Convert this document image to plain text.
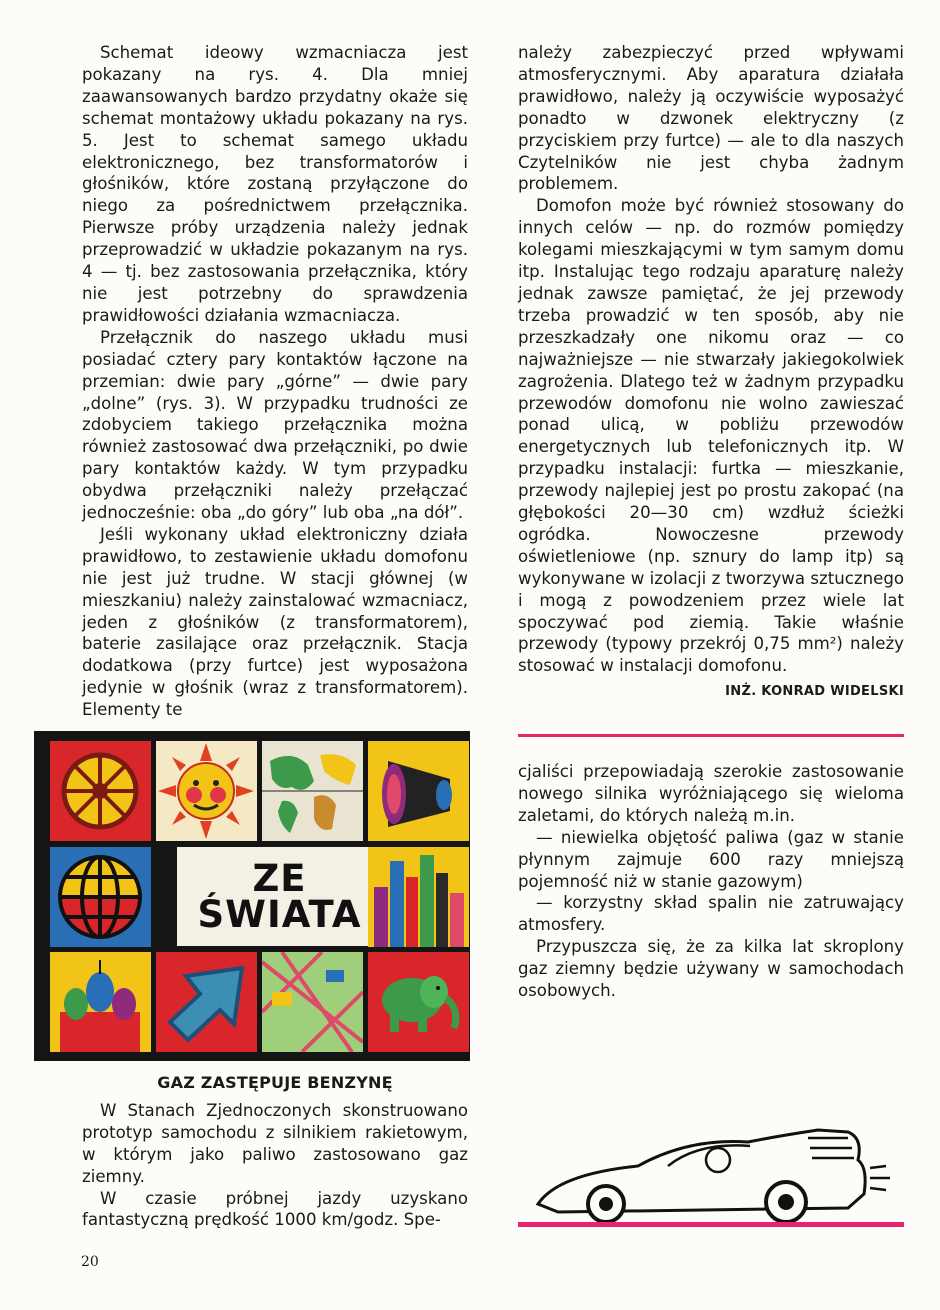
Schemat ideowy wzmacniacza jest pokazany na rys. 4. Dla mniej zaawansowanych bardzo przydatny okaże się schemat montażowy układu pokazany na rys. 5. Jest to schemat samego układu elektronicznego, bez transformatorów i głośników, które zostaną przyłączone do niego za pośrednictwem przełącznika. Pierwsze próby urządzenia należy jednak przeprowadzić w układzie pokazanym na rys. 4 — tj. bez zastosowania przełącznika, który nie jest potrzebny do sprawdzenia prawidłowości działania wzmacniacza.

Przełącznik do naszego układu musi posiadać cztery pary kontaktów łączone na przemian: dwie pary „górne” — dwie pary „dolne” (rys. 3). W przypadku trudności ze zdobyciem takiego przełącznika można również zastosować dwa przełączniki, po dwie pary kontaktów każdy. W tym przypadku obydwa przełączniki należy przełączać jednocześnie: oba „do góry” lub oba „na dół”.

Jeśli wykonany układ elektroniczny działa prawidłowo, to zestawienie układu domofonu nie jest już trudne. W stacji głównej (w mieszkaniu) należy zainstalować wzmacniacz, jeden z głośników (z transformatorem), baterie zasilające oraz przełącznik. Stacja dodatkowa (przy furtce) jest wyposażona jedynie w głośnik (wraz z transformatorem). Elementy te

należy zabezpieczyć przed wpływami atmosferycznymi. Aby aparatura działała prawidłowo, należy ją oczywiście wyposażyć ponadto w dzwonek elektryczny (z przyciskiem przy furtce) — ale to dla naszych Czytelników nie jest chyba żadnym problemem.

Domofon może być również stosowany do innych celów — np. do rozmów pomiędzy kolegami mieszkającymi w tym samym domu itp. Instalując tego rodzaju aparaturę należy jednak zawsze pamiętać, że jej przewody trzeba prowadzić w ten sposób, aby nie przeszkadzały one nikomu oraz — co najważniejsze — nie stwarzały jakiegokolwiek zagrożenia. Dlatego też w żadnym przypadku przewodów domofonu nie wolno zawieszać ponad ulicą, w pobliżu przewodów energetycznych lub telefonicznych itp. W przypadku instalacji: furtka — mieszkanie, przewody najlepiej jest po prostu zakopać (na głębokości 20—30 cm) wzdłuż ścieżki ogródka. Nowoczesne przewody oświetleniowe (np. sznury do lamp itp) są wykonywane w izolacji z tworzywa sztucznego i mogą z powodzeniem przez wiele lat spoczywać pod ziemią. Takie właśnie przewody (typowy przekrój 0,75 mm²) należy stosować w instalacji domofonu.

INŻ. KONRAD WIDELSKI
ZE
ŚWIATA

cjaliści przepowiadają szerokie zastosowanie nowego silnika wyróżniającego się wieloma zaletami, do których należą m.in.

— niewielka objętość paliwa (gaz w stanie płynnym zajmuje 600 razy mniejszą pojemność niż w stanie gazowym)

— korzystny skład spalin nie zatruwający atmosfery.

Przypuszcza się, że za kilka lat skroplony gaz ziemny będzie używany w samochodach osobowych.

GAZ ZASTĘPUJE BENZYNĘ

W Stanach Zjednoczonych skonstruowano prototyp samochodu z silnikiem rakietowym, w którym jako paliwo zastosowano gaz ziemny.

W czasie próbnej jazdy uzyskano fantastyczną prędkość 1000 km/godz. Spe-

20
